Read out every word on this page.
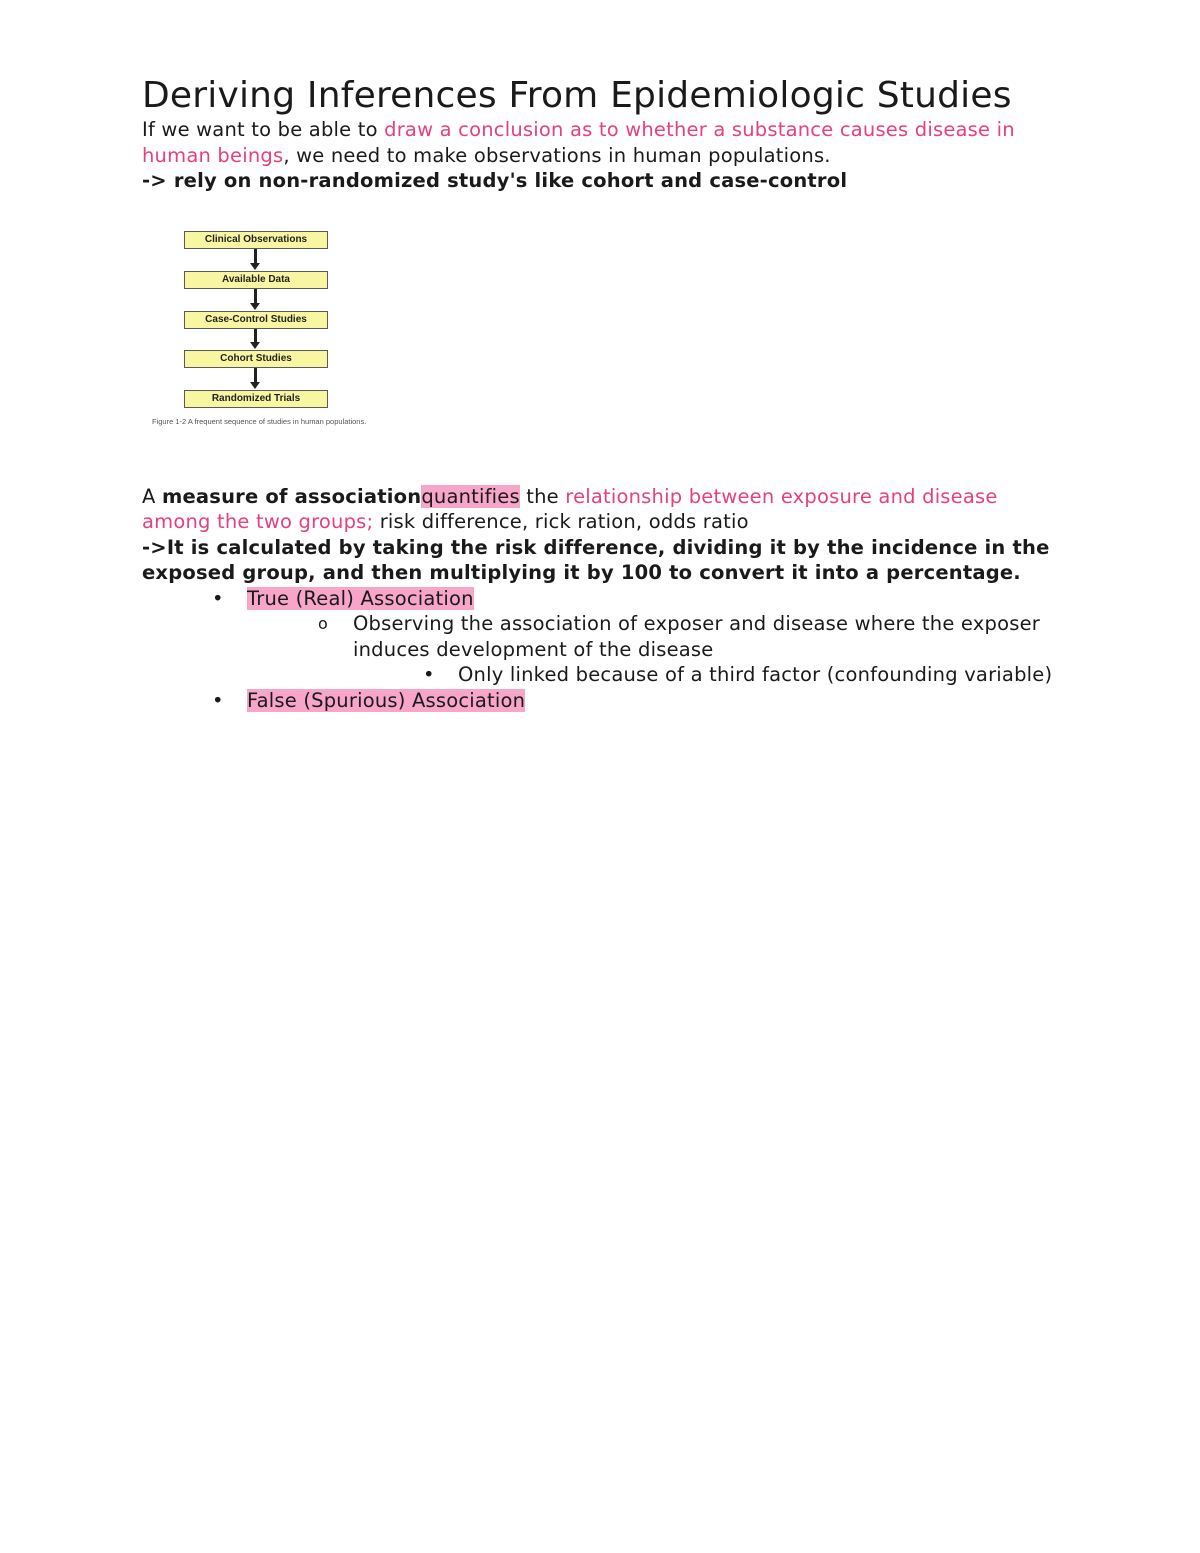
Deriving Inferences From Epidemiologic Studies

If we want to be able to draw a conclusion as to whether a substance causes disease in human beings, we need to make observations in human populations.

-> rely on non-randomized study's like cohort and case-control

Clinical Observations
Available Data
Case-Control Studies
Cohort Studies
Randomized Trials
Figure 1-2 A frequent sequence of studies in human populations.

A measure of associationquantifies the relationship between exposure and disease among the two groups; risk difference, rick ration, odds ratio

->It is calculated by taking the risk difference, dividing it by the incidence in the exposed group, and then multiplying it by 100 to convert it into a percentage.

• True (Real) Association
o Observing the association of exposer and disease where the exposer induces development of the disease
• Only linked because of a third factor (confounding variable)
• False (Spurious) Association
